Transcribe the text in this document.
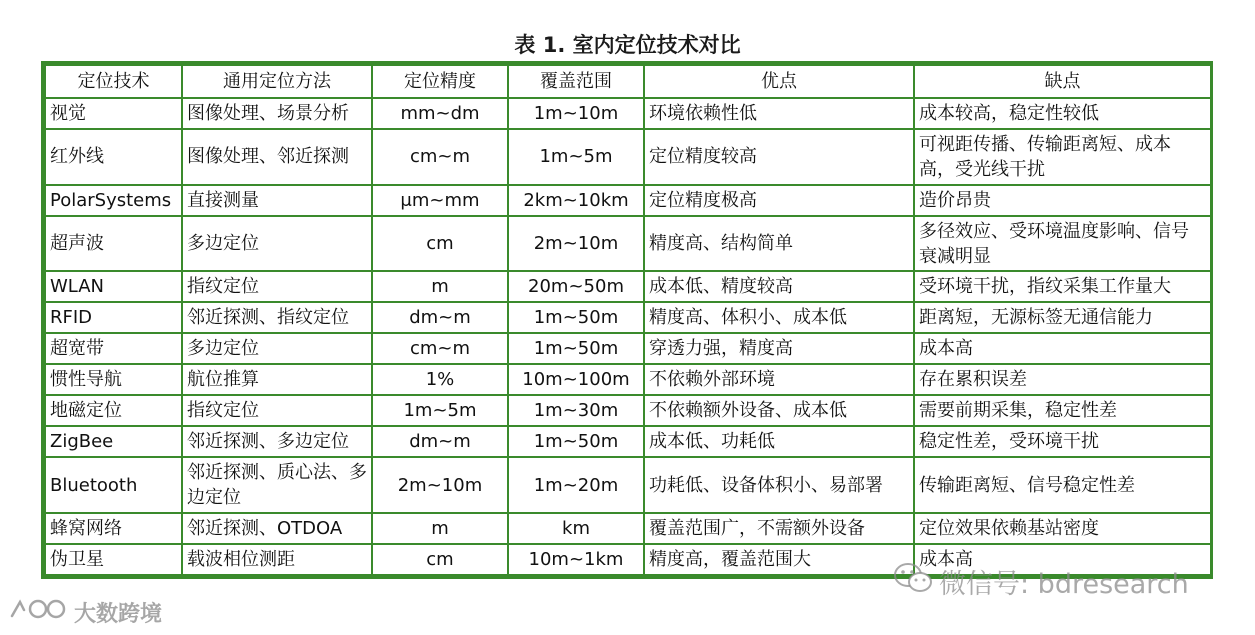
表 1. 室内定位技术对比
定位技术	通用定位方法	定位精度	覆盖范围	优点	缺点
视觉	图像处理、场景分析	mm~dm	1m~10m	环境依赖性低	成本较高，稳定性较低
红外线	图像处理、邻近探测	cm~m	1m~5m	定位精度较高	可视距传播、传输距离短、成本高，受光线干扰
PolarSystems	直接测量	μm~mm	2km~10km	定位精度极高	造价昂贵
超声波	多边定位	cm	2m~10m	精度高、结构简单	多径效应、受环境温度影响、信号衰减明显
WLAN	指纹定位	m	20m~50m	成本低、精度较高	受环境干扰，指纹采集工作量大
RFID	邻近探测、指纹定位	dm~m	1m~50m	精度高、体积小、成本低	距离短，无源标签无通信能力
超宽带	多边定位	cm~m	1m~50m	穿透力强，精度高	成本高
惯性导航	航位推算	1%	10m~100m	不依赖外部环境	存在累积误差
地磁定位	指纹定位	1m~5m	1m~30m	不依赖额外设备、成本低	需要前期采集，稳定性差
ZigBee	邻近探测、多边定位	dm~m	1m~50m	成本低、功耗低	稳定性差，受环境干扰
Bluetooth	邻近探测、质心法、多边定位	2m~10m	1m~20m	功耗低、设备体积小、易部署	传输距离短、信号稳定性差
蜂窝网络	邻近探测、OTDOA	m	km	覆盖范围广，不需额外设备	定位效果依赖基站密度
伪卫星	载波相位测距	cm	10m~1km	精度高，覆盖范围大	成本高
微信号: bdresearch
大数跨境
